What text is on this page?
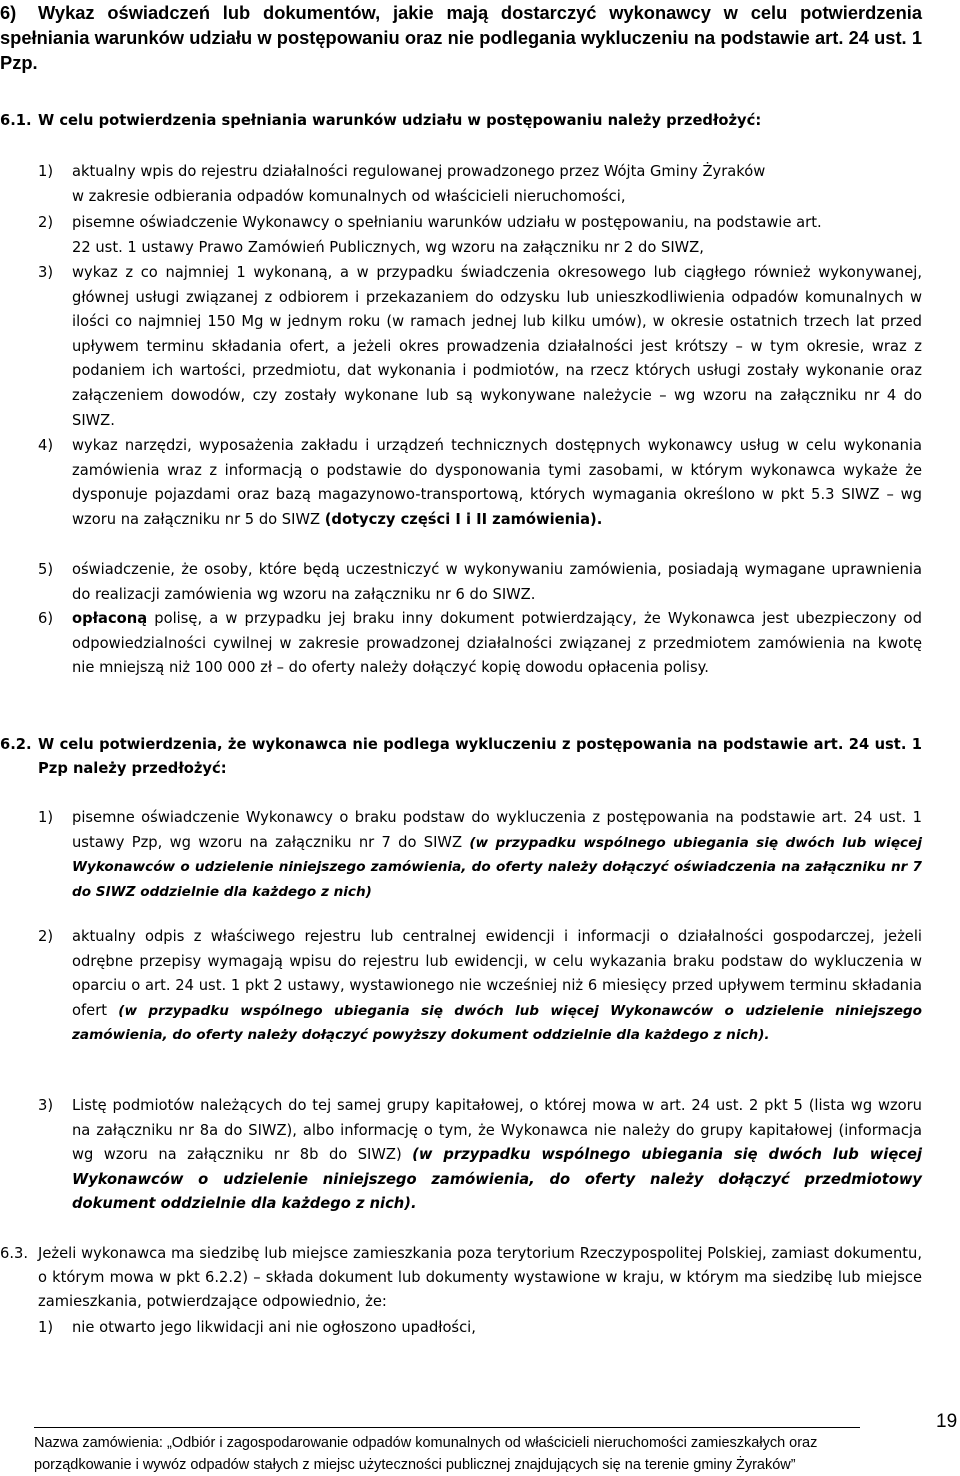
6) Wykaz oświadczeń lub dokumentów, jakie mają dostarczyć wykonawcy w celu potwierdzenia spełniania warunków udziału w postępowaniu oraz nie podlegania wykluczeniu na podstawie art. 24 ust. 1 Pzp.
6.1. W celu potwierdzenia spełniania warunków udziału w postępowaniu należy przedłożyć:
1) aktualny wpis do rejestru działalności regulowanej prowadzonego przez Wójta Gminy Żyraków
w zakresie odbierania odpadów komunalnych od właścicieli nieruchomości,
2) pisemne oświadczenie Wykonawcy o spełnianiu warunków udziału w postępowaniu, na podstawie art.
22 ust. 1 ustawy Prawo Zamówień Publicznych, wg wzoru na załączniku nr 2 do SIWZ,
3) wykaz z co najmniej 1 wykonaną, a w przypadku świadczenia okresowego lub ciągłego również wykonywanej, głównej usługi związanej z odbiorem i przekazaniem do odzysku lub unieszkodliwienia odpadów komunalnych w ilości co najmniej 150 Mg w jednym roku (w ramach jednej lub kilku umów), w okresie ostatnich trzech lat przed upływem terminu składania ofert, a jeżeli okres prowadzenia działalności jest krótszy – w tym okresie, wraz z podaniem ich wartości, przedmiotu, dat wykonania i podmiotów, na rzecz których usługi zostały wykonanie oraz załączeniem dowodów, czy zostały wykonane lub są wykonywane należycie – wg wzoru na załączniku nr 4 do SIWZ.
4) wykaz narzędzi, wyposażenia zakładu i urządzeń technicznych dostępnych wykonawcy usług w celu wykonania zamówienia wraz z informacją o podstawie do dysponowania tymi zasobami, w którym wykonawca wykaże że dysponuje pojazdami oraz bazą magazynowo-transportową, których wymagania określono w pkt 5.3 SIWZ – wg wzoru na załączniku nr 5 do SIWZ (dotyczy części I i II zamówienia).
5) oświadczenie, że osoby, które będą uczestniczyć w wykonywaniu zamówienia, posiadają wymagane uprawnienia do realizacji zamówienia wg wzoru na załączniku nr 6 do SIWZ.
6) opłaconą polisę, a w przypadku jej braku inny dokument potwierdzający, że Wykonawca jest ubezpieczony od odpowiedzialności cywilnej w zakresie prowadzonej działalności związanej z przedmiotem zamówienia na kwotę nie mniejszą niż 100 000 zł – do oferty należy dołączyć kopię dowodu opłacenia polisy.
6.2. W celu potwierdzenia, że wykonawca nie podlega wykluczeniu z postępowania na podstawie art. 24 ust. 1 Pzp należy przedłożyć:
1) pisemne oświadczenie Wykonawcy o braku podstaw do wykluczenia z postępowania na podstawie art. 24 ust. 1 ustawy Pzp, wg wzoru na załączniku nr 7 do SIWZ (w przypadku wspólnego ubiegania się dwóch lub więcej Wykonawców o udzielenie niniejszego zamówienia, do oferty należy dołączyć oświadczenia na załączniku nr 7 do SIWZ oddzielnie dla każdego z nich)
2) aktualny odpis z właściwego rejestru lub centralnej ewidencji i informacji o działalności gospodarczej, jeżeli odrębne przepisy wymagają wpisu do rejestru lub ewidencji, w celu wykazania braku podstaw do wykluczenia w oparciu o art. 24 ust. 1 pkt 2 ustawy, wystawionego nie wcześniej niż 6 miesięcy przed upływem terminu składania ofert (w przypadku wspólnego ubiegania się dwóch lub więcej Wykonawców o udzielenie niniejszego zamówienia, do oferty należy dołączyć powyższy dokument oddzielnie dla każdego z nich).
3) Listę podmiotów należących do tej samej grupy kapitałowej, o której mowa w art. 24 ust. 2 pkt 5 (lista wg wzoru na załączniku nr 8a do SIWZ), albo informację o tym, że Wykonawca nie należy do grupy kapitałowej (informacja wg wzoru na załączniku nr 8b do SIWZ) (w przypadku wspólnego ubiegania się dwóch lub więcej Wykonawców o udzielenie niniejszego zamówienia, do oferty należy dołączyć przedmiotowy dokument oddzielnie dla każdego z nich).
6.3. Jeżeli wykonawca ma siedzibę lub miejsce zamieszkania poza terytorium Rzeczypospolitej Polskiej, zamiast dokumentu, o którym mowa w pkt 6.2.2) – składa dokument lub dokumenty wystawione w kraju, w którym ma siedzibę lub miejsce zamieszkania, potwierdzające odpowiednio, że:
1) nie otwarto jego likwidacji ani nie ogłoszono upadłości,
Nazwa zamówienia: „Odbiór i zagospodarowanie odpadów komunalnych od właścicieli nieruchomości zamieszkałych oraz
porządkowanie i wywóz odpadów stałych z miejsc użyteczności publicznej znajdujących się na terenie gminy Żyraków”
19
